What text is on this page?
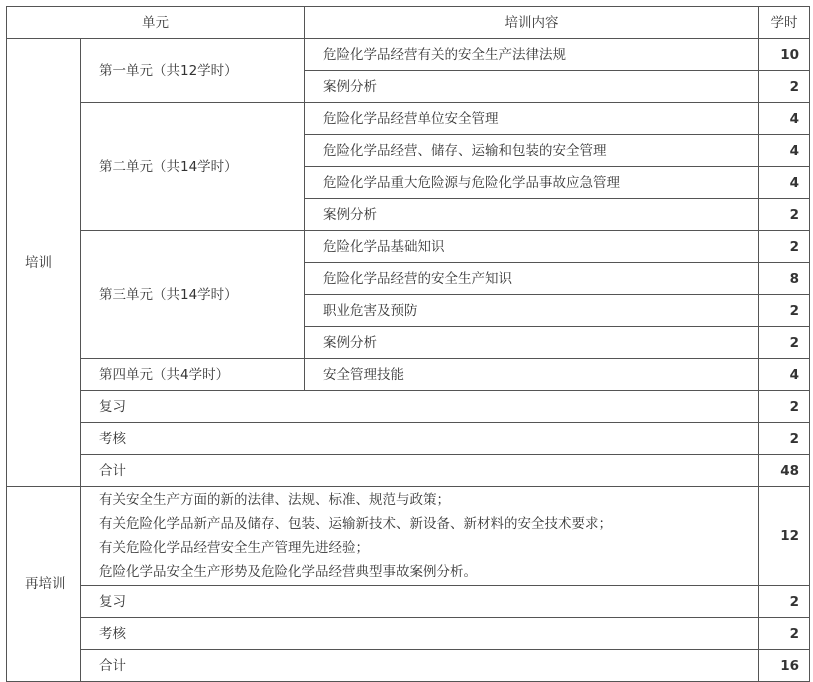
单元		培训内容	学时
培训	第一单元（共12学时）	危险化学品经营有关的安全生产法律法规	10
		案例分析	2
	第二单元（共14学时）	危险化学品经营单位安全管理	4
		危险化学品经营、储存、运输和包装的安全管理	4
		危险化学品重大危险源与危险化学品事故应急管理	4
		案例分析	2
	第三单元（共14学时）	危险化学品基础知识	2
		危险化学品经营的安全生产知识	8
		职业危害及预防	2
		案例分析	2
	第四单元（共4学时）	安全管理技能	4
	复习		2
	考核		2
	合计		48
再培训	有关安全生产方面的新的法律、法规、标准、规范与政策；
有关危险化学品新产品及储存、包装、运输新技术、新设备、新材料的安全技术要求；
有关危险化学品经营安全生产管理先进经验；
危险化学品安全生产形势及危险化学品经营典型事故案例分析。		12
	复习		2
	考核		2
	合计		16
